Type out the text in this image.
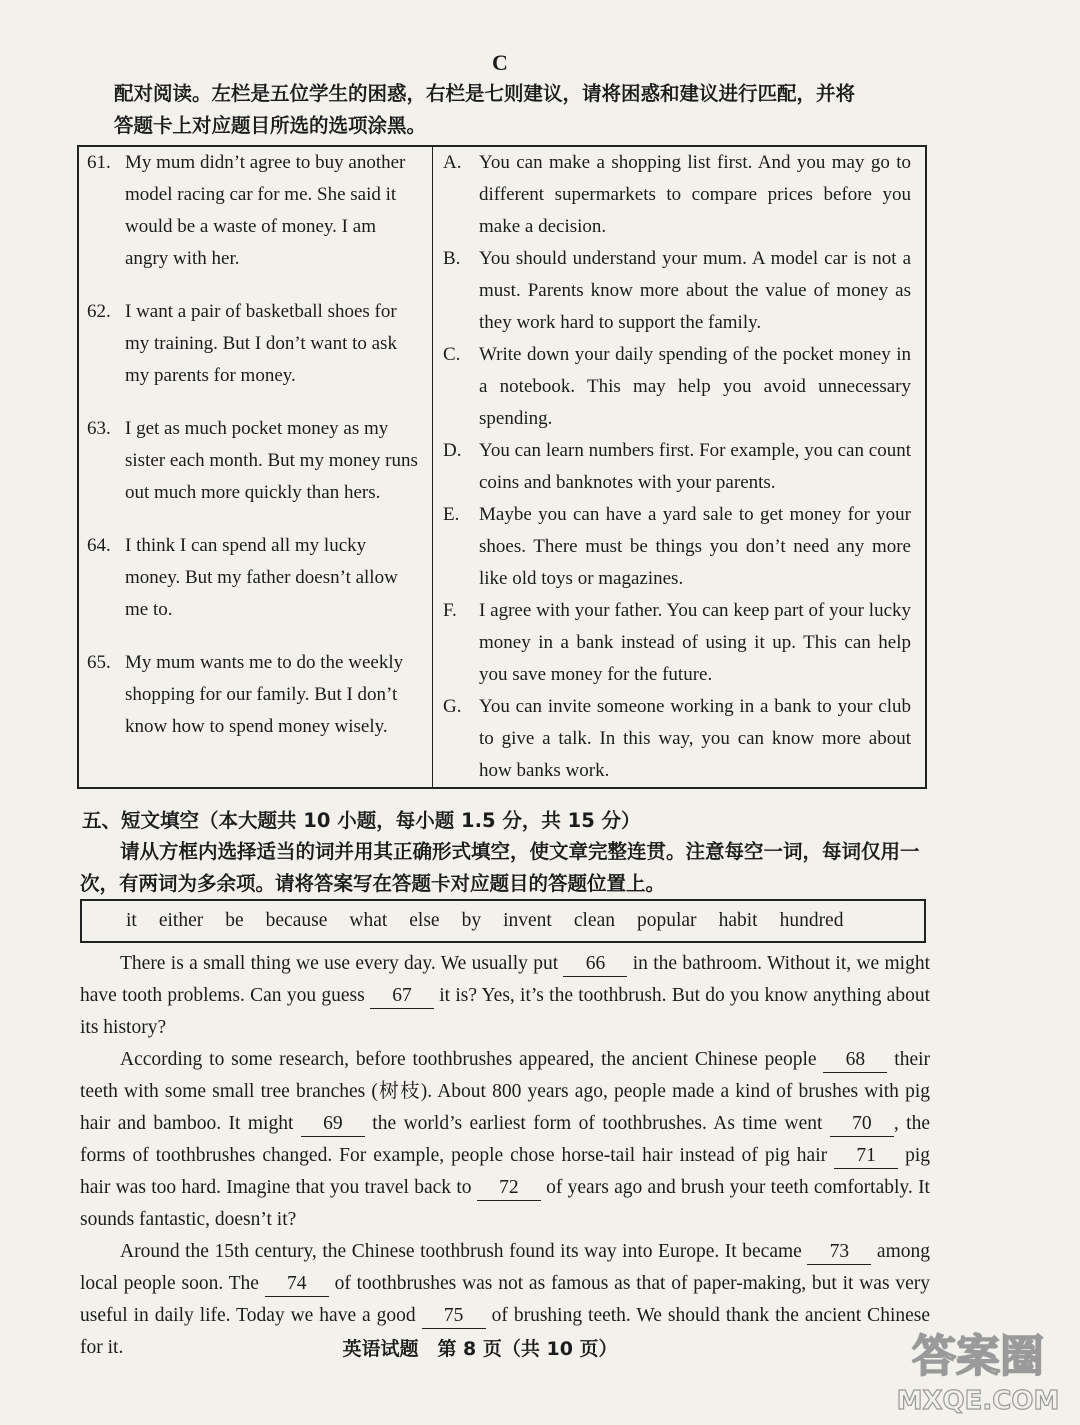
C
配对阅读。左栏是五位学生的困惑，右栏是七则建议，请将困惑和建议进行匹配，并将
答题卡上对应题目所选的选项涂黑。
61. My mum didn’t agree to buy another model racing car for me. She said it would be a waste of money. I am angry with her.
62. I want a pair of basketball shoes for my training. But I don’t want to ask my parents for money.
63. I get as much pocket money as my sister each month. But my money runs out much more quickly than hers.
64. I think I can spend all my lucky money. But my father doesn’t allow me to.
65. My mum wants me to do the weekly shopping for our family. But I don’t know how to spend money wisely.

A. You can make a shopping list first. And you may go to different supermarkets to compare prices before you make a decision.
B. You should understand your mum. A model car is not a must. Parents know more about the value of money as they work hard to support the family.
C. Write down your daily spending of the pocket money in a notebook. This may help you avoid unnecessary spending.
D. You can learn numbers first. For example, you can count coins and banknotes with your parents.
E. Maybe you can have a yard sale to get money for your shoes. There must be things you don’t need any more like old toys or magazines.
F. I agree with your father. You can keep part of your lucky money in a bank instead of using it up. This can help you save money for the future.
G. You can invite someone working in a bank to your club to give a talk. In this way, you can know more about how banks work.
五、短文填空（本大题共 10 小题，每小题 1.5 分，共 15 分）
请从方框内选择适当的词并用其正确形式填空，使文章完整连贯。注意每空一词，每词仅用一次，有两词为多余项。请将答案写在答题卡对应题目的答题位置上。
it either be because what else by invent clean popular habit hundred

There is a small thing we use every day. We usually put 66 in the bathroom. Without it, we might have tooth problems. Can you guess 67 it is? Yes, it’s the toothbrush. But do you know anything about its history?

According to some research, before toothbrushes appeared, the ancient Chinese people 68 their teeth with some small tree branches (树枝). About 800 years ago, people made a kind of brushes with pig hair and bamboo. It might 69 the world’s earliest form of toothbrushes. As time went 70 , the forms of toothbrushes changed. For example, people chose horse-tail hair instead of pig hair 71 pig hair was too hard. Imagine that you travel back to 72 of years ago and brush your teeth comfortably. It sounds fantastic, doesn’t it?

Around the 15th century, the Chinese toothbrush found its way into Europe. It became 73 among local people soon. The 74 of toothbrushes was not as famous as that of paper-making, but it was very useful in daily life. Today we have a good 75 of brushing teeth. We should thank the ancient Chinese for it.	英语试题　第 8 页（共 10 页）	答案圈
MXQE.COM
